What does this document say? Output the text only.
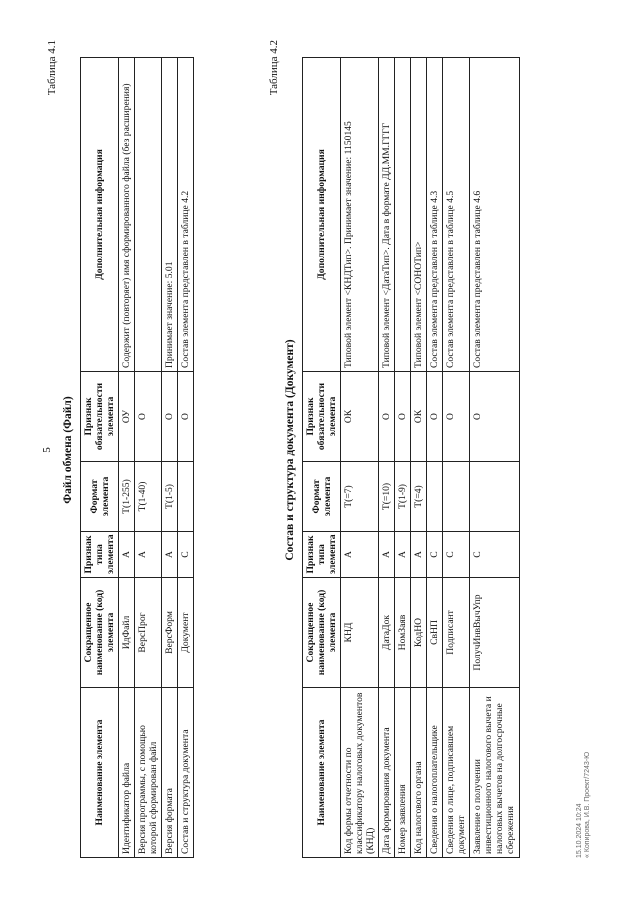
5
Таблица 4.1
Файл обмена (Файл)
Наименование элемента	Сокращенное наименование (код) элемента	Признак типа элемента	Формат элемента	Признак обязательности элемента	Дополнительная информация
Идентификатор файла	ИдФайл	А	Т(1-255)	ОУ	Содержит (повторяет) имя сформированного файла (без расширения)
Версия программы, с помощью которой сформирован файл	ВерсПрог	А	Т(1-40)	О	
Версия формата	ВерсФорм	А	Т(1-5)	О	Принимает значение: 5.01
Состав и структура документа	Документ	С		О	Состав элемента представлен в таблице 4.2
Таблица 4.2
Состав и структура документа (Документ)
Наименование элемента	Сокращенное наименование (код) элемента	Признак типа элемента	Формат элемента	Признак обязательности элемента	Дополнительная информация
Код формы отчетности по классификатору налоговых документов (КНД)	КНД	А	Т(=7)	ОК	Типовой элемент <КНДТип>. Принимает значение: 1150145
Дата формирования документа	ДатаДок	А	Т(=10)	О	Типовой элемент <ДатаТип>. Дата в формате ДД.ММ.ГГГГ
Номер заявления	НомЗаяв	А	Т(1-9)	О	
Код налогового органа	КодНО	А	Т(=4)	ОК	Типовой элемент <СОНОТип>
Сведения о налогоплательщике	СвНП	С		О	Состав элемента представлен в таблице 4.3
Сведения о лице, подписавшем документ	Подписант	С		О	Состав элемента представлен в таблице 4.5
Заявление о получении инвестиционного налогового вычета и налоговых вычетов на долгосрочные сбережения	ПолучИнвВычУпр	С		О	Состав элемента представлен в таблице 4.6
15.10.2024 10:24 « Копирова, И.В. Проект/7243-Ю
